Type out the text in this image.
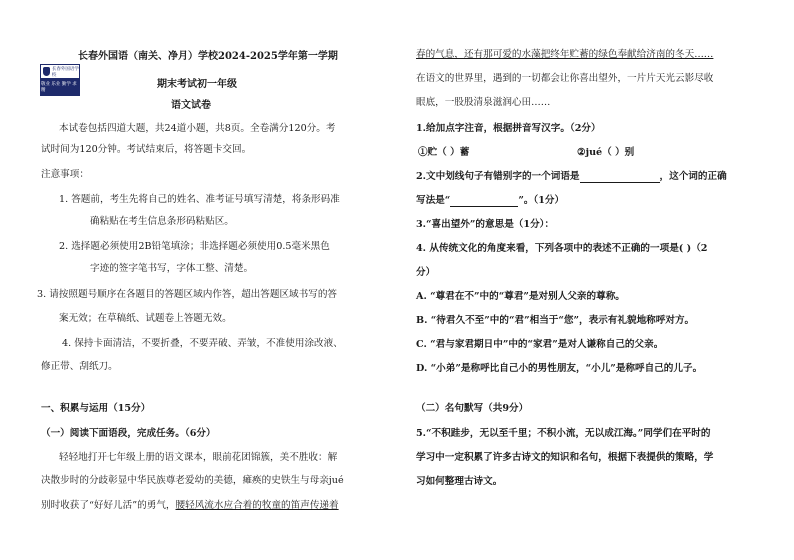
长春外国语学校
敬业 乐业 勤学 求精
长春外国语（南关、净月）学校2024-2025学年第一学期
期末考试初一年级
语文试卷
本试卷包括四道大题，共24道小题，共8页。全卷满分120分。考
试时间为120分钟。考试结束后，将答题卡交回。
注意事项：
1. 答题前，考生先将自己的姓名、准考证号填写清楚，将条形码准
确粘贴在考生信息条形码粘贴区。
2. 选择题必须使用2B铅笔填涂；非选择题必须使用0.5毫米黑色
字迹的签字笔书写，字体工整、清楚。
3. 请按照题号顺序在各题目的答题区域内作答，超出答题区域书写的答
案无效；在草稿纸、试题卷上答题无效。
4. 保持卡面清洁，不要折叠，不要弄破、弄皱，不准使用涂改液、
修正带、刮纸刀。
一、积累与运用（15分）
（一）阅读下面语段，完成任务。（6分）
轻轻地打开七年级上册的语文课本，眼前花团锦簇，美不胜收：解
决散步时的分歧彰显中华民族尊老爱幼的美德，瘫痪的史铁生与母亲jué
别时收获了“好好儿活”的勇气，腰轻风流水应合着的牧童的笛声传递着
春的气息，还有那可爱的水藻把终年贮蓄的绿色奉献给济南的冬天……
在语文的世界里，遇到的一切都会让你喜出望外，一片片天光云影尽收
眼底，一股股清泉滋润心田……
1.给加点字注音，根据拼音写汉字。（2分）
①贮（ ）蓄	②jué（ ）别
2.文中划线句子有错别字的一个词语是	，这个词的正确
写法是“	”。（1分）
3.“喜出望外”的意思是（1分）：
4. 从传统文化的角度来看，下列各项中的表述不正确的一项是( )（2
分）
A. “尊君在不”中的“尊君”是对别人父亲的尊称。
B. “待君久不至”中的“君”相当于“您”，表示有礼貌地称呼对方。
C. “君与家君期日中”中的“家君”是对人谦称自己的父亲。
D. “小弟”是称呼比自己小的男性朋友，“小儿”是称呼自己的儿子。
（二）名句默写（共9分）
5.“不积跬步，无以至千里；不积小流，无以成江海。”同学们在平时的
学习中一定积累了许多古诗文的知识和名句，根据下表提供的策略，学
习如何整理古诗文。
